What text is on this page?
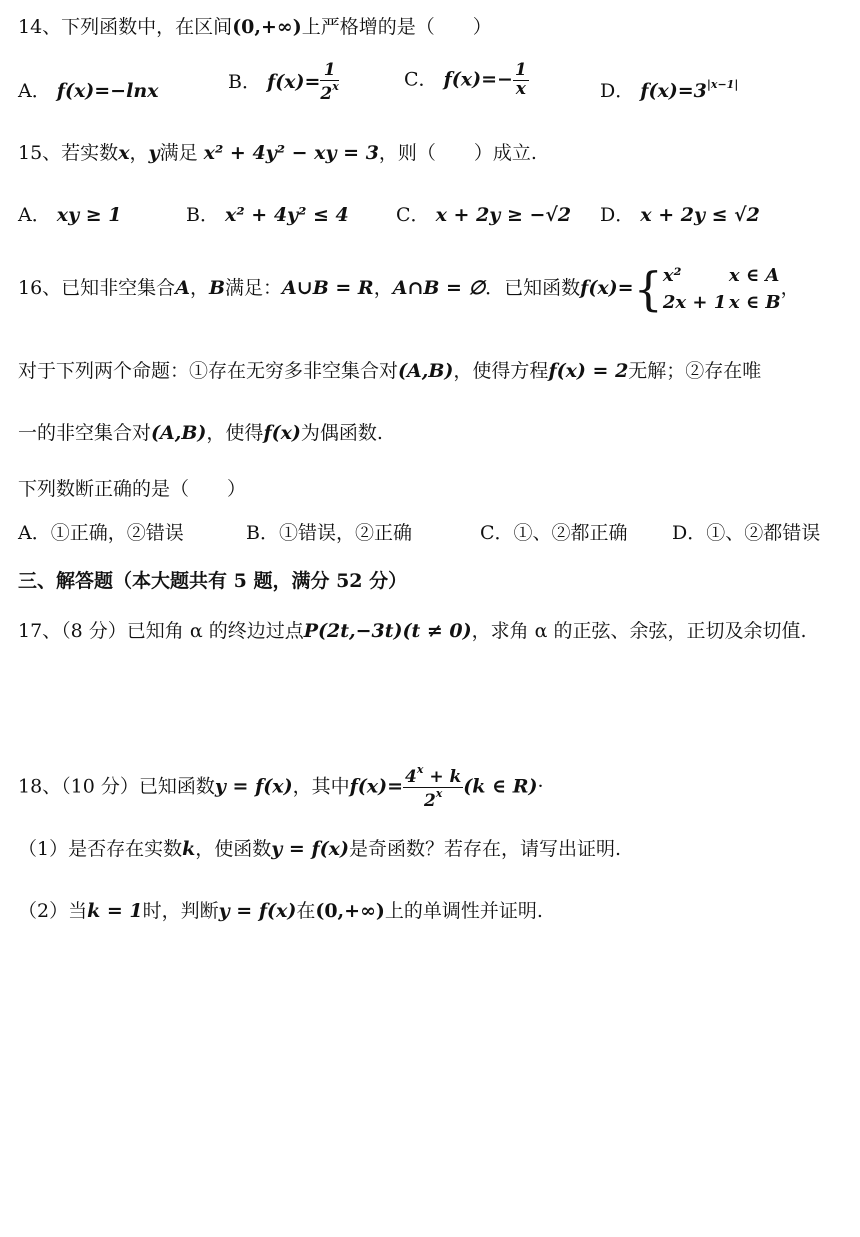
14、下列函数中，在区间(0,+∞)上严格增的是（　　）
A． f(x)=−lnx	B． $f(x)= \frac{1}{2^x}$	C． $f(x)=- \frac{1}{x}$	D． $f(x)=3^{|x-1|}$
15、若实数x，y满足 x² + 4y² − xy = 3，则（　　）成立.
A． xy ≥ 1	B． x² + 4y² ≤ 4 C． x + 2y ≥ −√2 D． x + 2y ≤ √2
16、已知非空集合A，B满足：A∪B = R，A∩B = ∅．已知函数f(x)={ x²	x ∈ A
2x + 1 x ∈ B
，
对于下列两个命题：①存在无穷多非空集合对(A,B)，使得方程f(x) = 2无解；②存在唯
一的非空集合对(A,B)，使得f(x)为偶函数.
下列数断正确的是（　　）
A．①正确，②错误	B．①错误，②正确	C．①、②都正确 D．①、②都错误
三、解答题（本大题共有 5 题，满分 52 分）
17、（8 分）已知角 α 的终边过点P(2t,−3t)(t ≠ 0)，求角 α 的正弦、余弦，正切及余切值.
18、（10 分）已知函数y = f(x)，其中$f(x)= \frac{4^x + k}{2^x} (k$ ∈ R)·
（1）是否存在实数k，使函数y = f(x)是奇函数？若存在，请写出证明.
（2）当k = 1时，判断y = f(x)在(0,+∞)上的单调性并证明.
